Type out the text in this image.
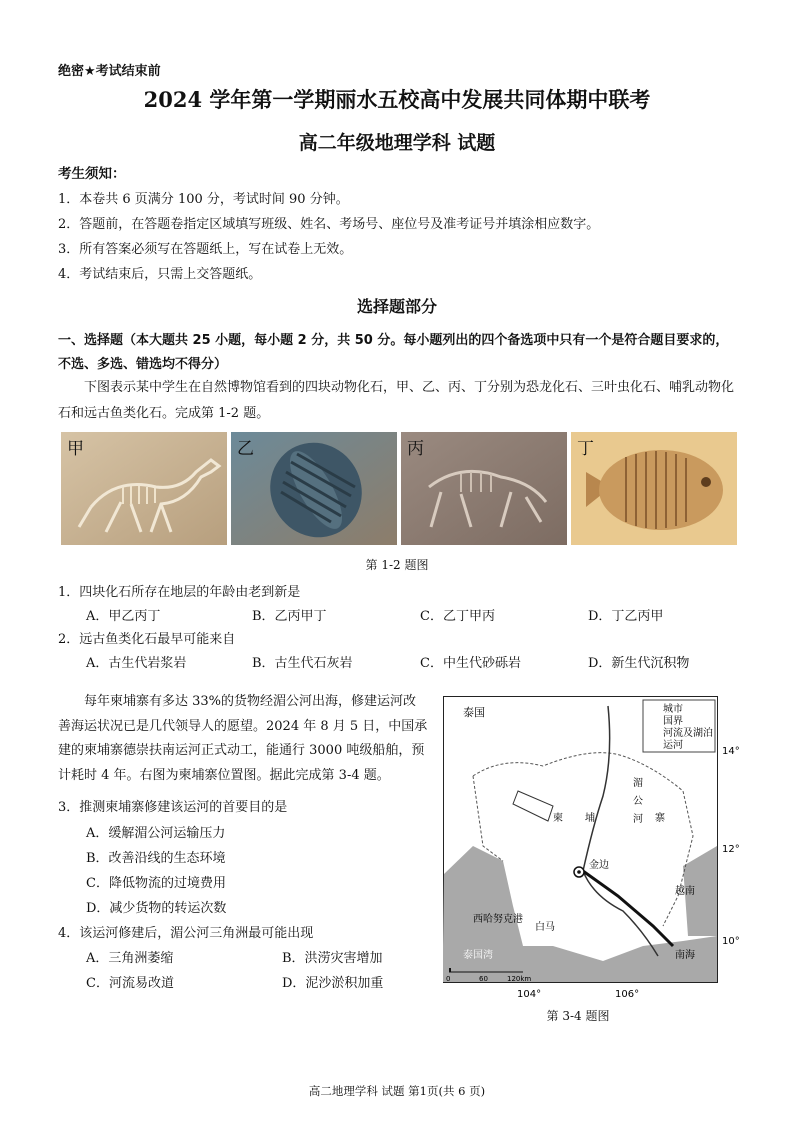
绝密★考试结束前
2024 学年第一学期丽水五校高中发展共同体期中联考
高二年级地理学科 试题
考生须知：
1．本卷共 6 页满分 100 分，考试时间 90 分钟。
2．答题前，在答题卷指定区域填写班级、姓名、考场号、座位号及准考证号并填涂相应数字。
3．所有答案必须写在答题纸上，写在试卷上无效。
4．考试结束后，只需上交答题纸。
选择题部分
一、选择题（本大题共 25 小题，每小题 2 分，共 50 分。每小题列出的四个备选项中只有一个是符合题目要求的，不选、多选、错选均不得分）
下图表示某中学生在自然博物馆看到的四块动物化石，甲、乙、丙、丁分别为恐龙化石、三叶虫化石、哺乳动物化石和远古鱼类化石。完成第 1-2 题。
甲	乙	丙	丁
第 1-2 题图
1．四块化石所存在地层的年龄由老到新是
A．甲乙丙丁	B．乙丙甲丁	C．乙丁甲丙	D．丁乙丙甲
2．远古鱼类化石最早可能来自
A．古生代岩浆岩	B．古生代石灰岩	C．中生代砂砾岩	D．新生代沉积物
每年柬埔寨有多达 33%的货物经湄公河出海，修建运河改善海运状况已是几代领导人的愿望。2024 年 8 月 5 日，中国承建的柬埔寨德崇扶南运河正式动工，能通行 3000 吨级船舶，预计耗时 4 年。右图为柬埔寨位置图。据此完成第 3-4 题。
3．推测柬埔寨修建该运河的首要目的是
A．缓解湄公河运输压力
B．改善沿线的生态环境
C．降低物流的过境费用
D．减少货物的转运次数
4．该运河修建后，湄公河三角洲最可能出现
A．三角洲萎缩	B．洪涝灾害增加
C．河流易改道	D．泥沙淤积加重
城市
国界
河流及湖泊
运河
泰国
柬 埔	寨
湄
公
河
金边
越南
西哈努克港
白马
泰国湾	南海
14°
12°
10°
104°	106°
0	60	120km
第 3-4 题图
高二地理学科 试题 第1页(共 6 页)
